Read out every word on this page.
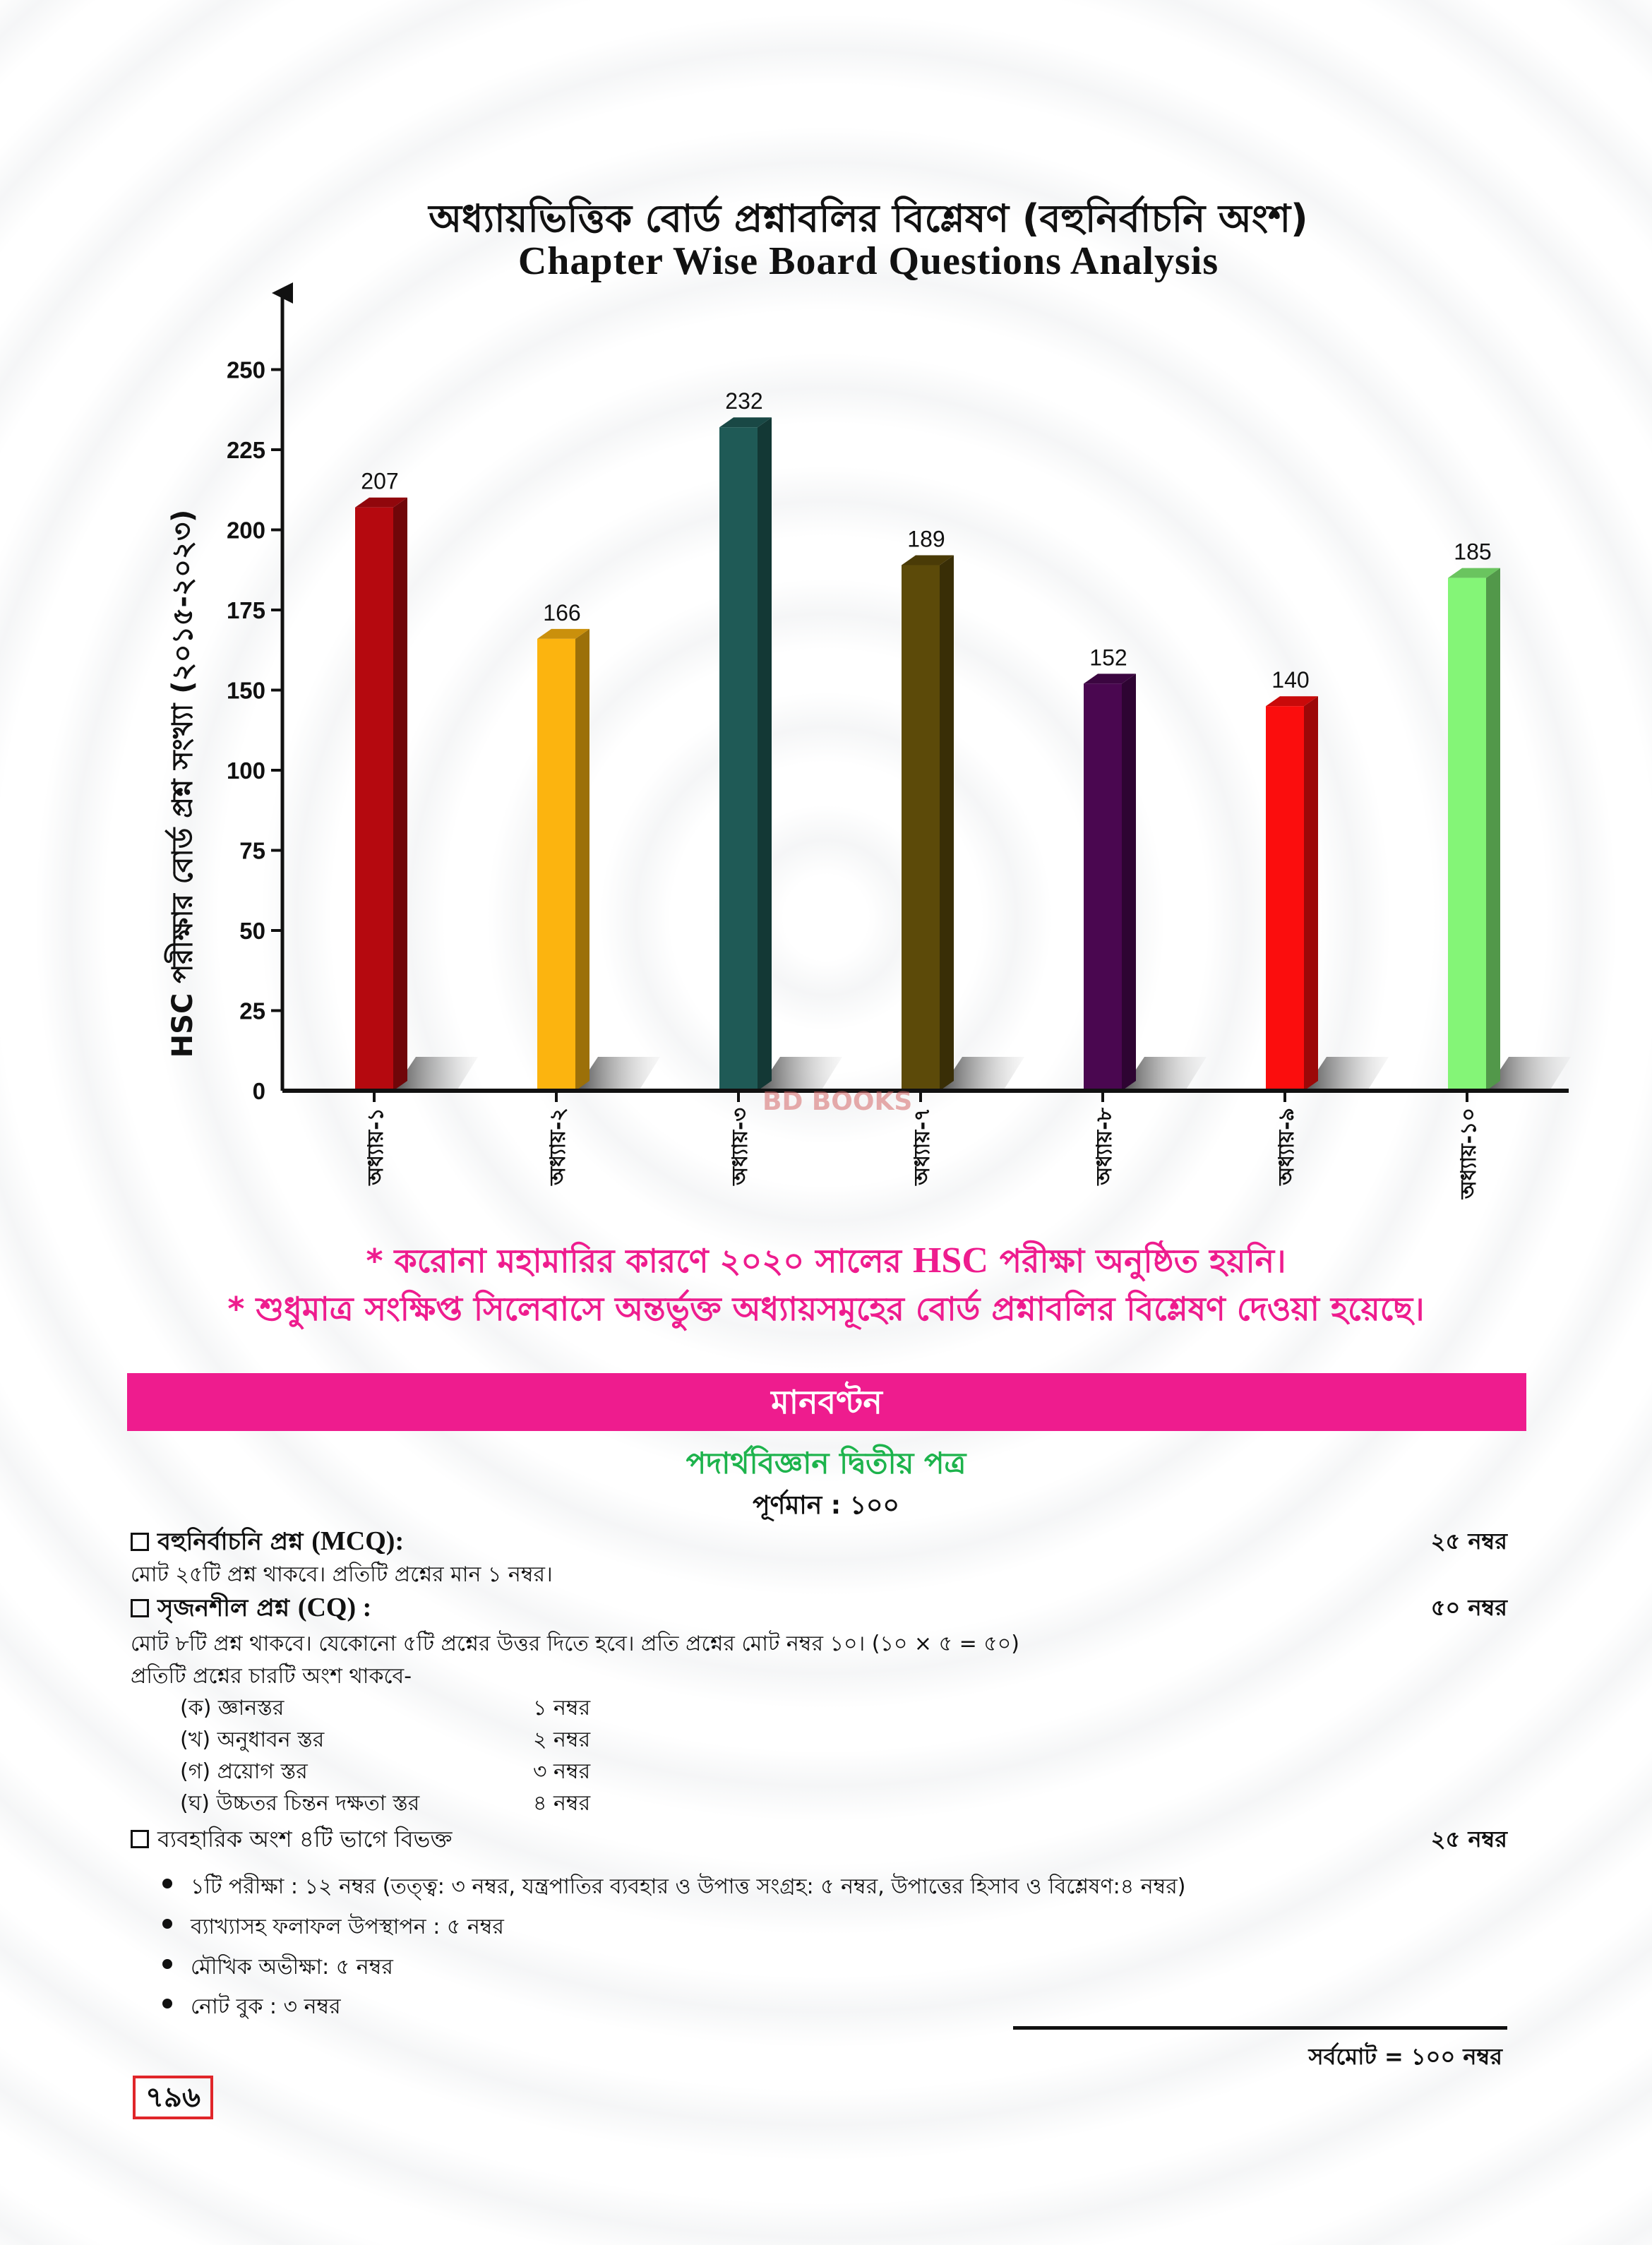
অধ্যায়ভিত্তিক বোর্ড প্রশ্নাবলির বিশ্লেষণ (বহুনির্বাচনি অংশ)
Chapter Wise Board Questions Analysis
207
166
232
189
152
140
185
0
25
50
75
100
150
175
200
225
250
অধ্যায়-১	অধ্যায়-২	অধ্যায়-৩	অধ্যায়-৭	অধ্যায়-৮	অধ্যায়-৯	অধ্যায়-১০
HSC পরীক্ষার বোর্ড প্রশ্ন সংখ্যা (২০১৫-২০২৩)
BD BOOKS
* করোনা মহামারির কারণে ২০২০ সালের HSC পরীক্ষা অনুষ্ঠিত হয়নি।
* শুধুমাত্র সংক্ষিপ্ত সিলেবাসে অন্তর্ভুক্ত অধ্যায়সমূহের বোর্ড প্রশ্নাবলির বিশ্লেষণ দেওয়া হয়েছে।
মানবণ্টন
পদার্থবিজ্ঞান দ্বিতীয় পত্র
পূর্ণমান : ১০০
বহুনির্বাচনি প্রশ্ন (MCQ):	২৫ নম্বর
মোট ২৫টি প্রশ্ন থাকবে। প্রতিটি প্রশ্নের মান ১ নম্বর।
সৃজনশীল প্রশ্ন (CQ) :	৫০ নম্বর
মোট ৮টি প্রশ্ন থাকবে। যেকোনো ৫টি প্রশ্নের উত্তর দিতে হবে। প্রতি প্রশ্নের মোট নম্বর ১০। (১০ × ৫ = ৫০)
প্রতিটি প্রশ্নের চারটি অংশ থাকবে-
(ক) জ্ঞানস্তর	১ নম্বর
(খ) অনুধাবন স্তর	২ নম্বর
(গ) প্রয়োগ স্তর	৩ নম্বর
(ঘ) উচ্চতর চিন্তন দক্ষতা স্তর	৪ নম্বর
ব্যবহারিক অংশ ৪টি ভাগে বিভক্ত	২৫ নম্বর
১টি পরীক্ষা : ১২ নম্বর (তত্ত্ব: ৩ নম্বর, যন্ত্রপাতির ব্যবহার ও উপাত্ত সংগ্রহ: ৫ নম্বর, উপাত্তের হিসাব ও বিশ্লেষণ:৪ নম্বর)
ব্যাখ্যাসহ ফলাফল উপস্থাপন : ৫ নম্বর
মৌখিক অভীক্ষা: ৫ নম্বর
নোট বুক : ৩ নম্বর
সর্বমোট = ১০০ নম্বর
৭৯৬
